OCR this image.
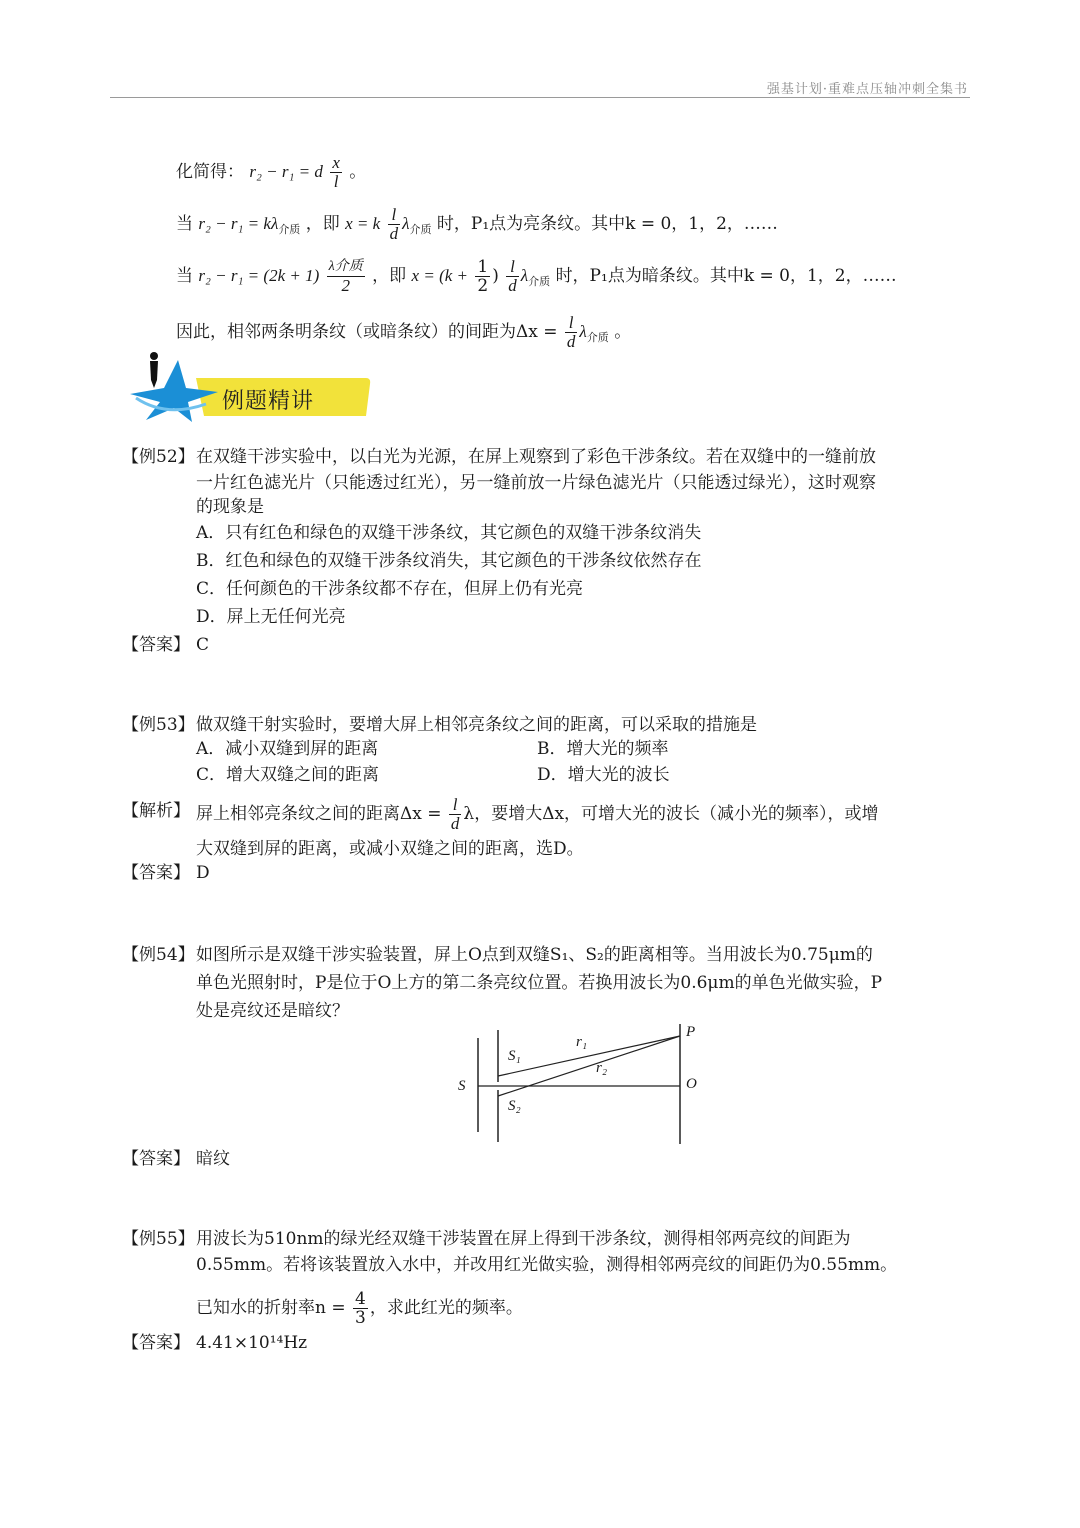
强基计划·重难点压轴冲刺全集书
化简得： r₂ − r₁ = d $\frac{x}{l}$ 。
当 $r_2 - r_1 = k\lambda_{介质}$ ，即 x = k $\frac{l}{d} \lambda_{介质}$ 时，P₁点为亮条纹。其中k = 0，1，2，……
当 $r_2 - r_1 = (2k + 1) \frac{\text{λ介质}}{2}$ ，即 $x = (k + \frac{1}{2}$ ) $\frac{l}{d} \lambda_{介质}$ 时，P₁点为暗条纹。其中k = 0，1，2，……
因此，相邻两条明条纹（或暗条纹）的间距为$\Delta x = \frac{l}{d} \lambda_{介质}$ 。
例题精讲
【例52】 在双缝干涉实验中，以白光为光源，在屏上观察到了彩色干涉条纹。若在双缝中的一缝前放
一片红色滤光片（只能透过红光），另一缝前放一片绿色滤光片（只能透过绿光），这时观察
的现象是
A．只有红色和绿色的双缝干涉条纹，其它颜色的双缝干涉条纹消失
B．红色和绿色的双缝干涉条纹消失，其它颜色的干涉条纹依然存在
C．任何颜色的干涉条纹都不存在，但屏上仍有光亮
D．屏上无任何光亮
【答案】 C
【例53】 做双缝干射实验时，要增大屏上相邻亮条纹之间的距离，可以采取的措施是
A．减小双缝到屏的距离	B．增大光的频率
C．增大双缝之间的距离	D．增大光的波长
【解析】 屏上相邻亮条纹之间的距离$\Delta x = \frac{l}{d}$ λ，要增大Δx，可增大光的波长（减小光的频率），或增
大双缝到屏的距离，或减小双缝之间的距离，选D。
【答案】 D
【例54】 如图所示是双缝干涉实验装置，屏上O点到双缝S₁、S₂的距离相等。当用波长为0.75μm的
单色光照射时，P是位于O上方的第二条亮纹位置。若换用波长为0.6μm的单色光做实验，P
处是亮纹还是暗纹？
S
S₁
S₂
r₁
r₂
P
O
【答案】 暗纹
【例55】 用波长为510nm的绿光经双缝干涉装置在屏上得到干涉条纹，测得相邻两亮纹的间距为
0.55mm。若将该装置放入水中，并改用红光做实验，测得相邻两亮纹的间距仍为0.55mm。
已知水的折射率$n = \frac{4}{3}$ ，求此红光的频率。
【答案】 4.41×10¹⁴Hz
